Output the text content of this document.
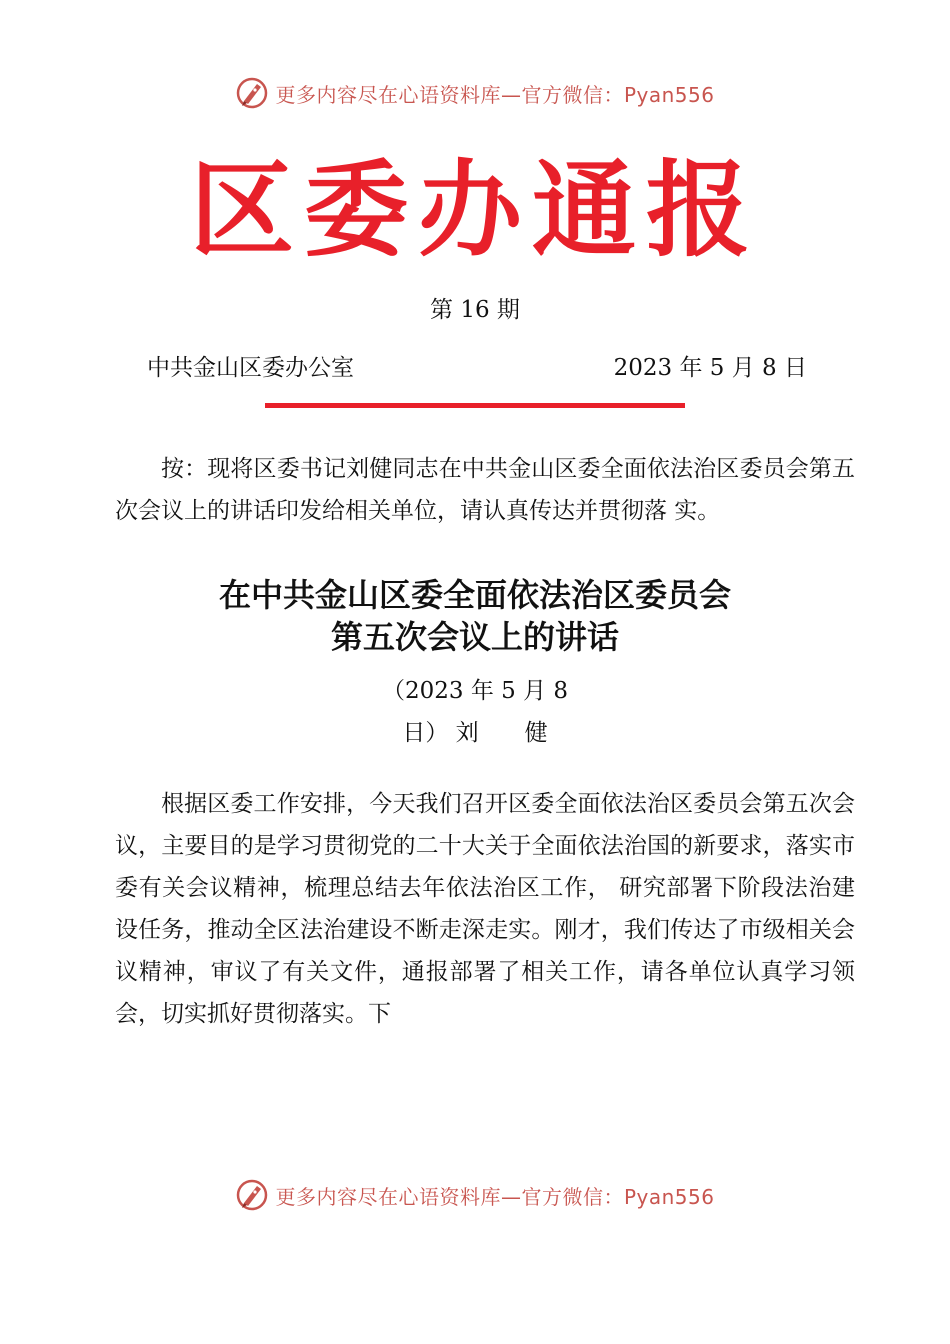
更多内容尽在心语资料库—官方微信：Pyan556
区委办通报
第 16 期
中共金山区委办公室	2023 年 5 月 8 日

按：现将区委书记刘健同志在中共金山区委全面依法治区委员会第五次会议上的讲话印发给相关单位，请认真传达并贯彻落 实。

在中共金山区委全面依法治区委员会
第五次会议上的讲话
（2023 年 5 月 8
日） 刘　　健

根据区委工作安排，今天我们召开区委全面依法治区委员会第五次会议，主要目的是学习贯彻党的二十大关于全面依法治国的新要求，落实市委有关会议精神，梳理总结去年依法治区工作， 研究部署下阶段法治建设任务，推动全区法治建设不断走深走实。刚才，我们传达了市级相关会议精神，审议了有关文件，通报部署了相关工作，请各单位认真学习领会，切实抓好贯彻落实。下

更多内容尽在心语资料库—官方微信：Pyan556
